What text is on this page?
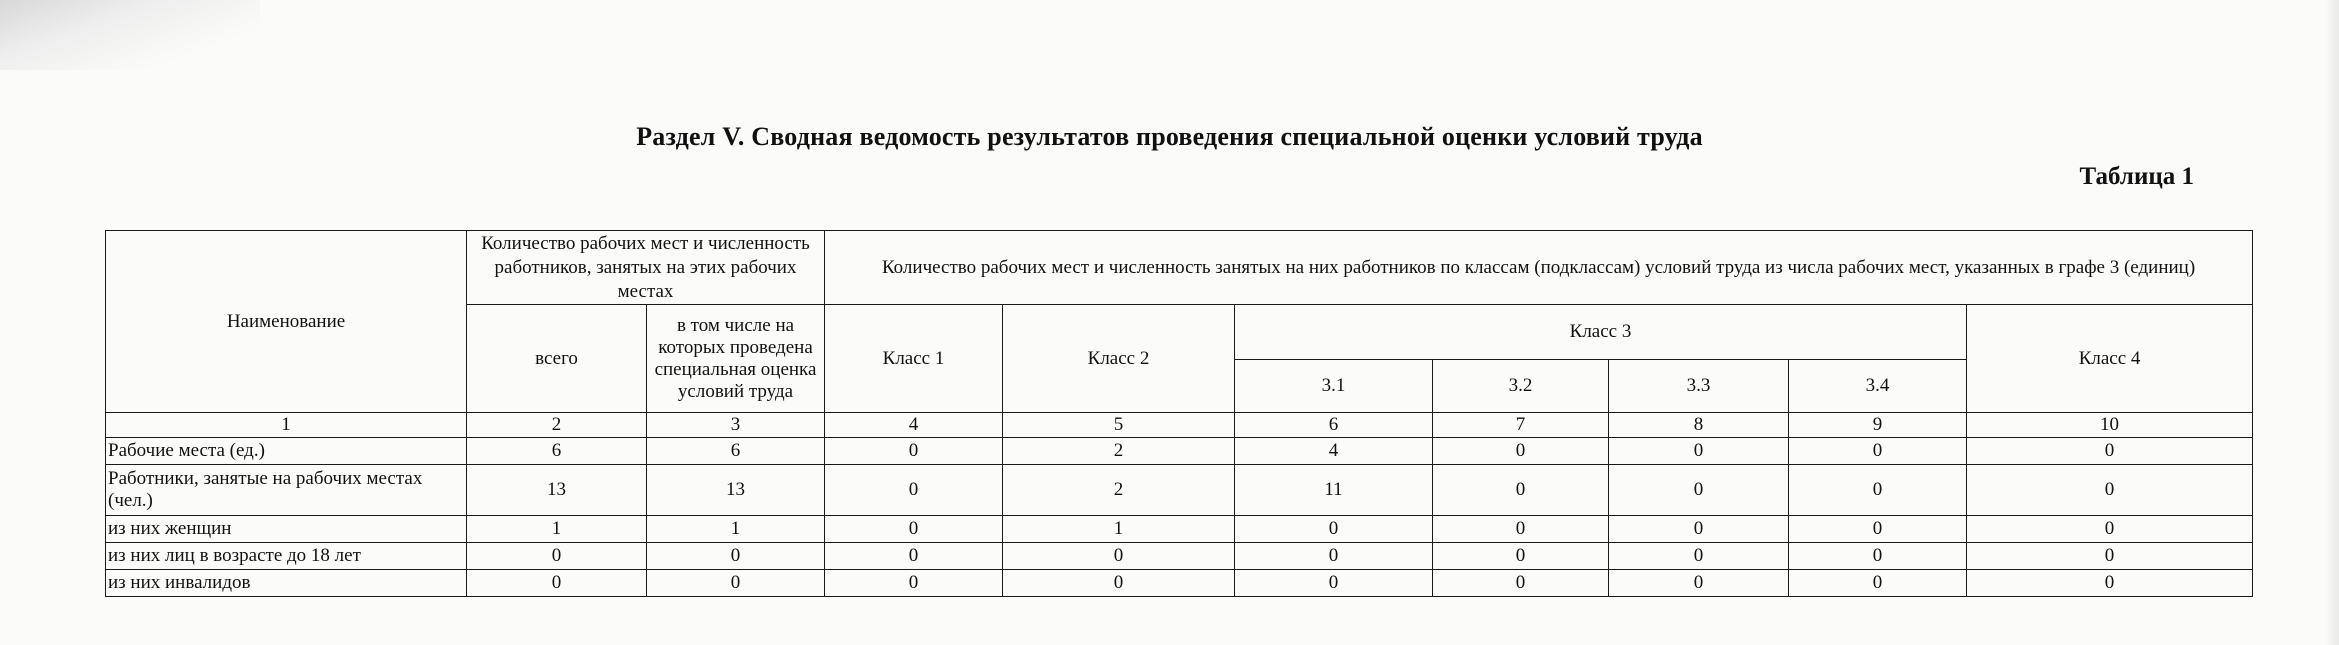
Раздел V. Сводная ведомость результатов проведения специальной оценки условий труда
Таблица 1
Наименование	Количество рабочих мест и численность работников, занятых на этих рабочих местах		Количество рабочих мест и численность занятых на них работников по классам (подклассам) условий труда из числа рабочих мест, указанных в графе 3 (единиц)						
	всего	в том числе на которых проведена специальная оценка условий труда	Класс 1	Класс 2	Класс 3				Класс 4
					3.1	3.2	3.3	3.4	
1	2	3	4	5	6	7	8	9	10
Рабочие места (ед.)	6	6	0	2	4	0	0	0	0
Работники, занятые на рабочих местах (чел.)	13	13	0	2	11	0	0	0	0
из них женщин	1	1	0	1	0	0	0	0	0
из них лиц в возрасте до 18 лет	0	0	0	0	0	0	0	0	0
из них инвалидов	0	0	0	0	0	0	0	0	0
